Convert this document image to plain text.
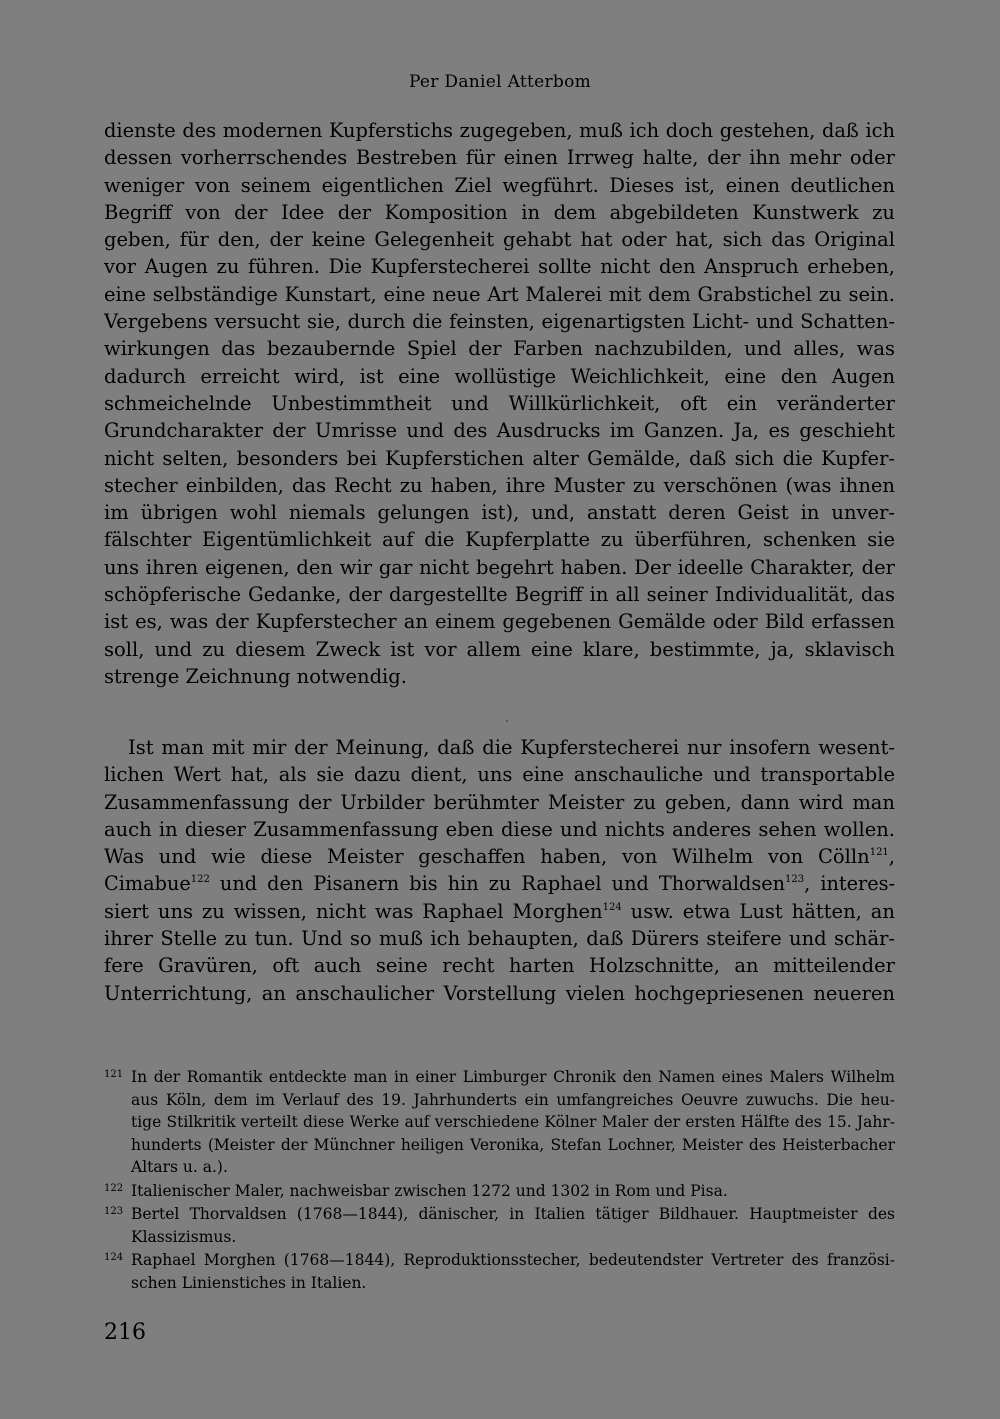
Per Daniel Atterbom
dienste des modernen Kupferstichs zugegeben, muß ich doch gestehen, daß ich
dessen vorherrschendes Bestreben für einen Irrweg halte, der ihn mehr oder
weniger von seinem eigentlichen Ziel wegführt. Dieses ist, einen deutlichen
Begriff von der Idee der Komposition in dem abgebildeten Kunstwerk zu
geben, für den, der keine Gelegenheit gehabt hat oder hat, sich das Original
vor Augen zu führen. Die Kupferstecherei sollte nicht den Anspruch erheben,
eine selbständige Kunstart, eine neue Art Malerei mit dem Grabstichel zu sein.
Vergebens versucht sie, durch die feinsten, eigenartigsten Licht- und Schatten-
wirkungen das bezaubernde Spiel der Farben nachzubilden, und alles, was
dadurch erreicht wird, ist eine wollüstige Weichlichkeit, eine den Augen
schmeichelnde Unbestimmtheit und Willkürlichkeit, oft ein veränderter
Grundcharakter der Umrisse und des Ausdrucks im Ganzen. Ja, es geschieht
nicht selten, besonders bei Kupferstichen alter Gemälde, daß sich die Kupfer-
stecher einbilden, das Recht zu haben, ihre Muster zu verschönen (was ihnen
im übrigen wohl niemals gelungen ist), und, anstatt deren Geist in unver-
fälschter Eigentümlichkeit auf die Kupferplatte zu überführen, schenken sie
uns ihren eigenen, den wir gar nicht begehrt haben. Der ideelle Charakter, der
schöpferische Gedanke, der dargestellte Begriff in all seiner Individualität, das
ist es, was der Kupferstecher an einem gegebenen Gemälde oder Bild erfassen
soll, und zu diesem Zweck ist vor allem eine klare, bestimmte, ja, sklavisch
strenge Zeichnung notwendig.
Ist man mit mir der Meinung, daß die Kupferstecherei nur insofern wesent-
lichen Wert hat, als sie dazu dient, uns eine anschauliche und transportable
Zusammenfassung der Urbilder berühmter Meister zu geben, dann wird man
auch in dieser Zusammenfassung eben diese und nichts anderes sehen wollen.
Was und wie diese Meister geschaffen haben, von Wilhelm von Cölln$^{121}$,
Cimabue$^{122}$ und den Pisanern bis hin zu Raphael und Thorwaldsen$^{123}$, interes-
siert uns zu wissen, nicht was Raphael Morghen$^{124}$ usw. etwa Lust hätten, an
ihrer Stelle zu tun. Und so muß ich behaupten, daß Dürers steifere und schär-
fere Gravüren, oft auch seine recht harten Holzschnitte, an mitteilender
Unterrichtung, an anschaulicher Vorstellung vielen hochgepriesenen neueren
121 In der Romantik entdeckte man in einer Limburger Chronik den Namen eines Malers Wilhelm
aus Köln, dem im Verlauf des 19. Jahrhunderts ein umfangreiches Oeuvre zuwuchs. Die heu-
tige Stilkritik verteilt diese Werke auf verschiedene Kölner Maler der ersten Hälfte des 15. Jahr-
hunderts (Meister der Münchner heiligen Veronika, Stefan Lochner, Meister des Heisterbacher
Altars u. a.).
122 Italienischer Maler, nachweisbar zwischen 1272 und 1302 in Rom und Pisa.
123 Bertel Thorvaldsen (1768—1844), dänischer, in Italien tätiger Bildhauer. Hauptmeister des
Klassizismus.
124 Raphael Morghen (1768—1844), Reproduktionsstecher, bedeutendster Vertreter des französi-
schen Linienstiches in Italien.
216
